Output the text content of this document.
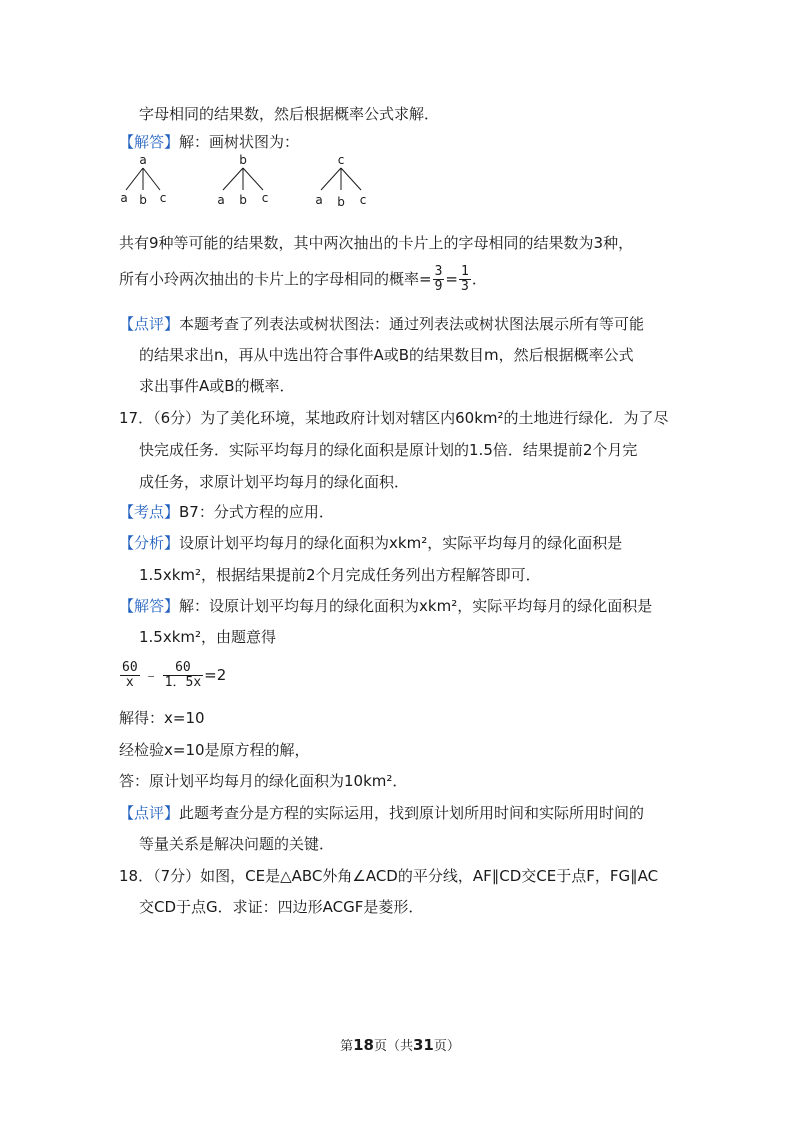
字母相同的结果数，然后根据概率公式求解．
【解答】解：画树状图为：
a
a b c
b
a b c
c
a b c
共有9种等可能的结果数，其中两次抽出的卡片上的字母相同的结果数为3种，
所有小玲两次抽出的卡片上的字母相同的概率= $\frac{3}{9} = \frac{1}{3}$ ．
【点评】本题考查了列表法或树状图法：通过列表法或树状图法展示所有等可能
的结果求出n，再从中选出符合事件A或B的结果数目m，然后根据概率公式
求出事件A或B的概率．
17．（6分）为了美化环境，某地政府计划对辖区内60km²的土地进行绿化．为了尽
快完成任务．实际平均每月的绿化面积是原计划的1.5倍．结果提前2个月完
成任务，求原计划平均每月的绿化面积．
【考点】B7：分式方程的应用．
【分析】设原计划平均每月的绿化面积为xkm²，实际平均每月的绿化面积是
1.5xkm²，根据结果提前2个月完成任务列出方程解答即可．
【解答】解：设原计划平均每月的绿化面积为xkm²，实际平均每月的绿化面积是
1.5xkm²，由题意得
$\frac{60}{x}$ ﹣ $\frac{60}{1.5x} =2$
解得：x=10
经检验x=10是原方程的解，
答：原计划平均每月的绿化面积为10km²．
【点评】此题考查分是方程的实际运用，找到原计划所用时间和实际所用时间的
等量关系是解决问题的关键．
18．（7分）如图，CE是△ABC外角∠ACD的平分线，AF∥CD交CE于点F，FG∥AC
交CD于点G．求证：四边形ACGF是菱形．
第18页（共31页）
